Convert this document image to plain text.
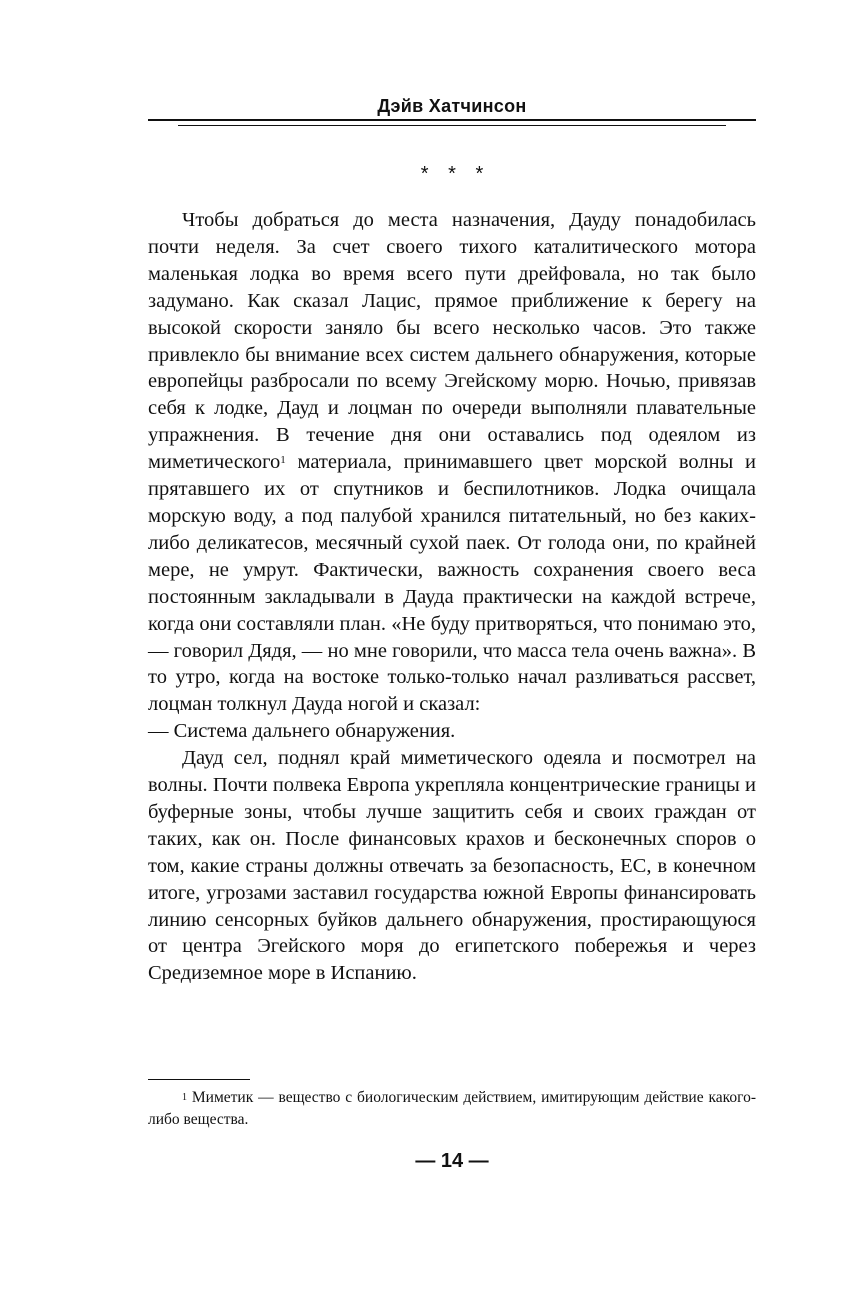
Дэйв Хатчинсон
* * *

Чтобы добраться до места назначения, Дауду понадобилась почти неделя. За счет своего тихого каталитического мотора маленькая лодка во время всего пути дрейфовала, но так было задумано. Как сказал Лацис, прямое приближение к берегу на высокой скорости заняло бы всего несколько часов. Это также привлекло бы внимание всех систем дальнего обнаружения, которые европейцы разбросали по всему Эгейскому морю. Ночью, привязав себя к лодке, Дауд и лоцман по очереди выполняли плавательные упражнения. В течение дня они оставались под одеялом из миметического$^1$ материала, принимавшего цвет морской волны и прятавшего их от спутников и беспилотников. Лодка очищала морскую воду, а под палубой хранился питательный, но без каких-либо деликатесов, месячный сухой паек. От голода они, по крайней мере, не умрут. Фактически, важность сохранения своего веса постоянным закладывали в Дауда практически на каждой встрече, когда они составляли план. «Не буду притворяться, что понимаю это, — говорил Дядя, — но мне говорили, что масса тела очень важна». В то утро, когда на востоке только-только начал разливаться рассвет, лоцман толкнул Дауда ногой и сказал:

— Система дальнего обнаружения.

Дауд сел, поднял край миметического одеяла и посмотрел на волны. Почти полвека Европа укрепляла концентрические границы и буферные зоны, чтобы лучше защитить себя и своих граждан от таких, как он. После финансовых крахов и бесконечных споров о том, какие страны должны отвечать за безопасность, ЕС, в конечном итоге, угрозами заставил государства южной Европы финансировать линию сенсорных буйков дальнего обнаружения, простирающуюся от центра Эгейского моря до египетского побережья и через Средиземное море в Испанию.

$^1$ Миметик — вещество с биологическим действием, имитирующим действие какого-либо вещества.

— 14 —
